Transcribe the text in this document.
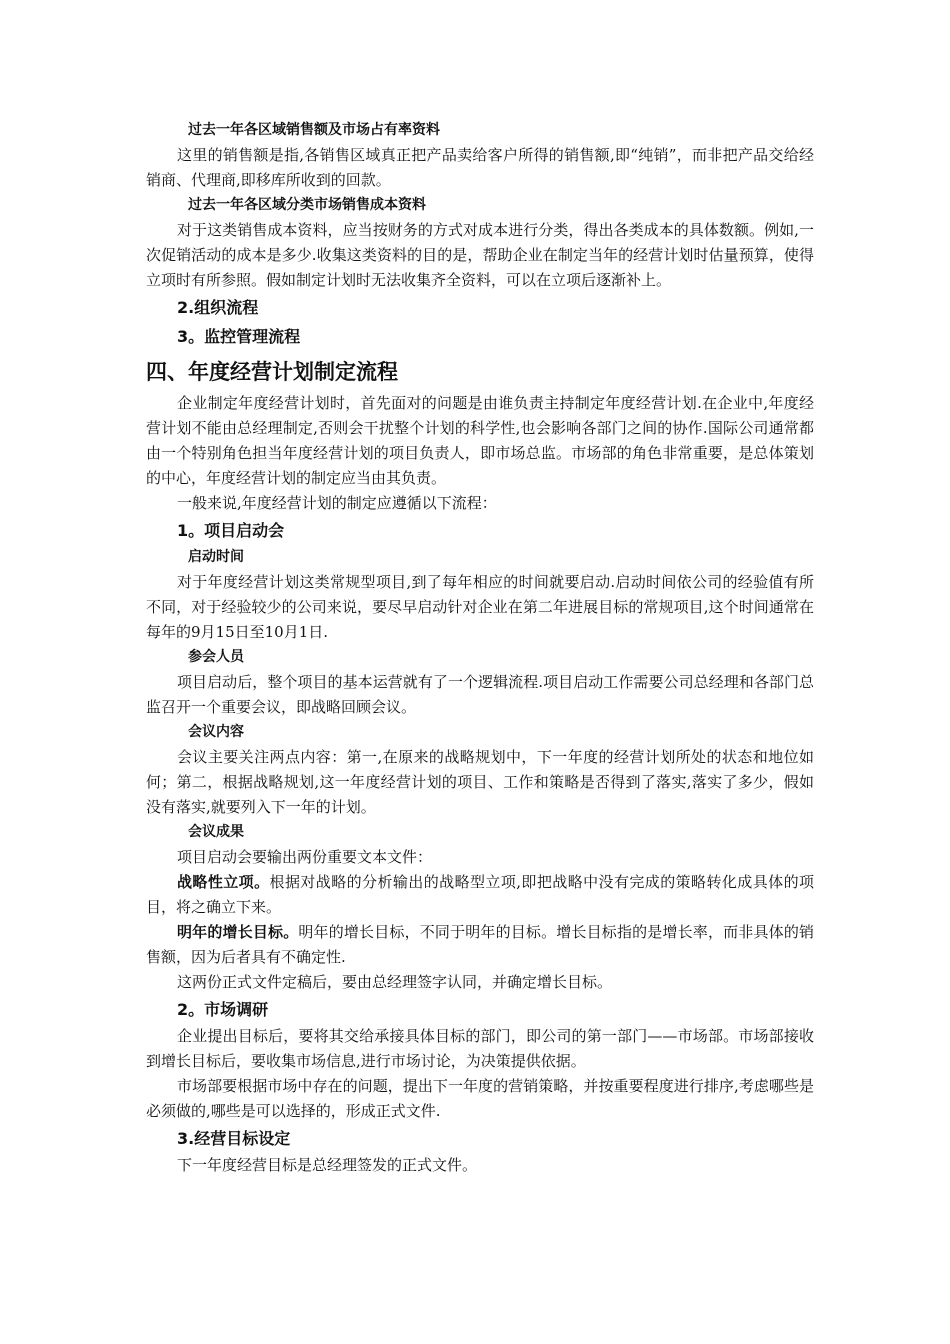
过去一年各区域销售额及市场占有率资料

这里的销售额是指,各销售区域真正把产品卖给客户所得的销售额,即“纯销”，而非把产品交给经销商、代理商,即移库所收到的回款。

过去一年各区域分类市场销售成本资料

对于这类销售成本资料，应当按财务的方式对成本进行分类，得出各类成本的具体数额。例如,一次促销活动的成本是多少.收集这类资料的目的是，帮助企业在制定当年的经营计划时估量预算，使得立项时有所参照。假如制定计划时无法收集齐全资料，可以在立项后逐渐补上。

2.组织流程

3。监控管理流程

四、年度经营计划制定流程

企业制定年度经营计划时，首先面对的问题是由谁负责主持制定年度经营计划.在企业中,年度经营计划不能由总经理制定,否则会干扰整个计划的科学性,也会影响各部门之间的协作.国际公司通常都由一个特别角色担当年度经营计划的项目负责人，即市场总监。市场部的角色非常重要，是总体策划的中心，年度经营计划的制定应当由其负责。

一般来说,年度经营计划的制定应遵循以下流程：

1。项目启动会

启动时间

对于年度经营计划这类常规型项目,到了每年相应的时间就要启动.启动时间依公司的经验值有所不同，对于经验较少的公司来说，要尽早启动针对企业在第二年进展目标的常规项目,这个时间通常在每年的9月15日至10月1日.

参会人员

项目启动后，整个项目的基本运营就有了一个逻辑流程.项目启动工作需要公司总经理和各部门总监召开一个重要会议，即战略回顾会议。

会议内容

会议主要关注两点内容：第一,在原来的战略规划中，下一年度的经营计划所处的状态和地位如何；第二，根据战略规划,这一年度经营计划的项目、工作和策略是否得到了落实,落实了多少，假如没有落实,就要列入下一年的计划。

会议成果

项目启动会要输出两份重要文本文件：

战略性立项。根据对战略的分析输出的战略型立项,即把战略中没有完成的策略转化成具体的项目，将之确立下来。

明年的增长目标。明年的增长目标，不同于明年的目标。增长目标指的是增长率，而非具体的销售额，因为后者具有不确定性.

这两份正式文件定稿后，要由总经理签字认同，并确定增长目标。

2。市场调研

企业提出目标后，要将其交给承接具体目标的部门，即公司的第一部门——市场部。市场部接收到增长目标后，要收集市场信息,进行市场讨论，为决策提供依据。

市场部要根据市场中存在的问题，提出下一年度的营销策略，并按重要程度进行排序,考虑哪些是必须做的,哪些是可以选择的，形成正式文件.

3.经营目标设定

下一年度经营目标是总经理签发的正式文件。
